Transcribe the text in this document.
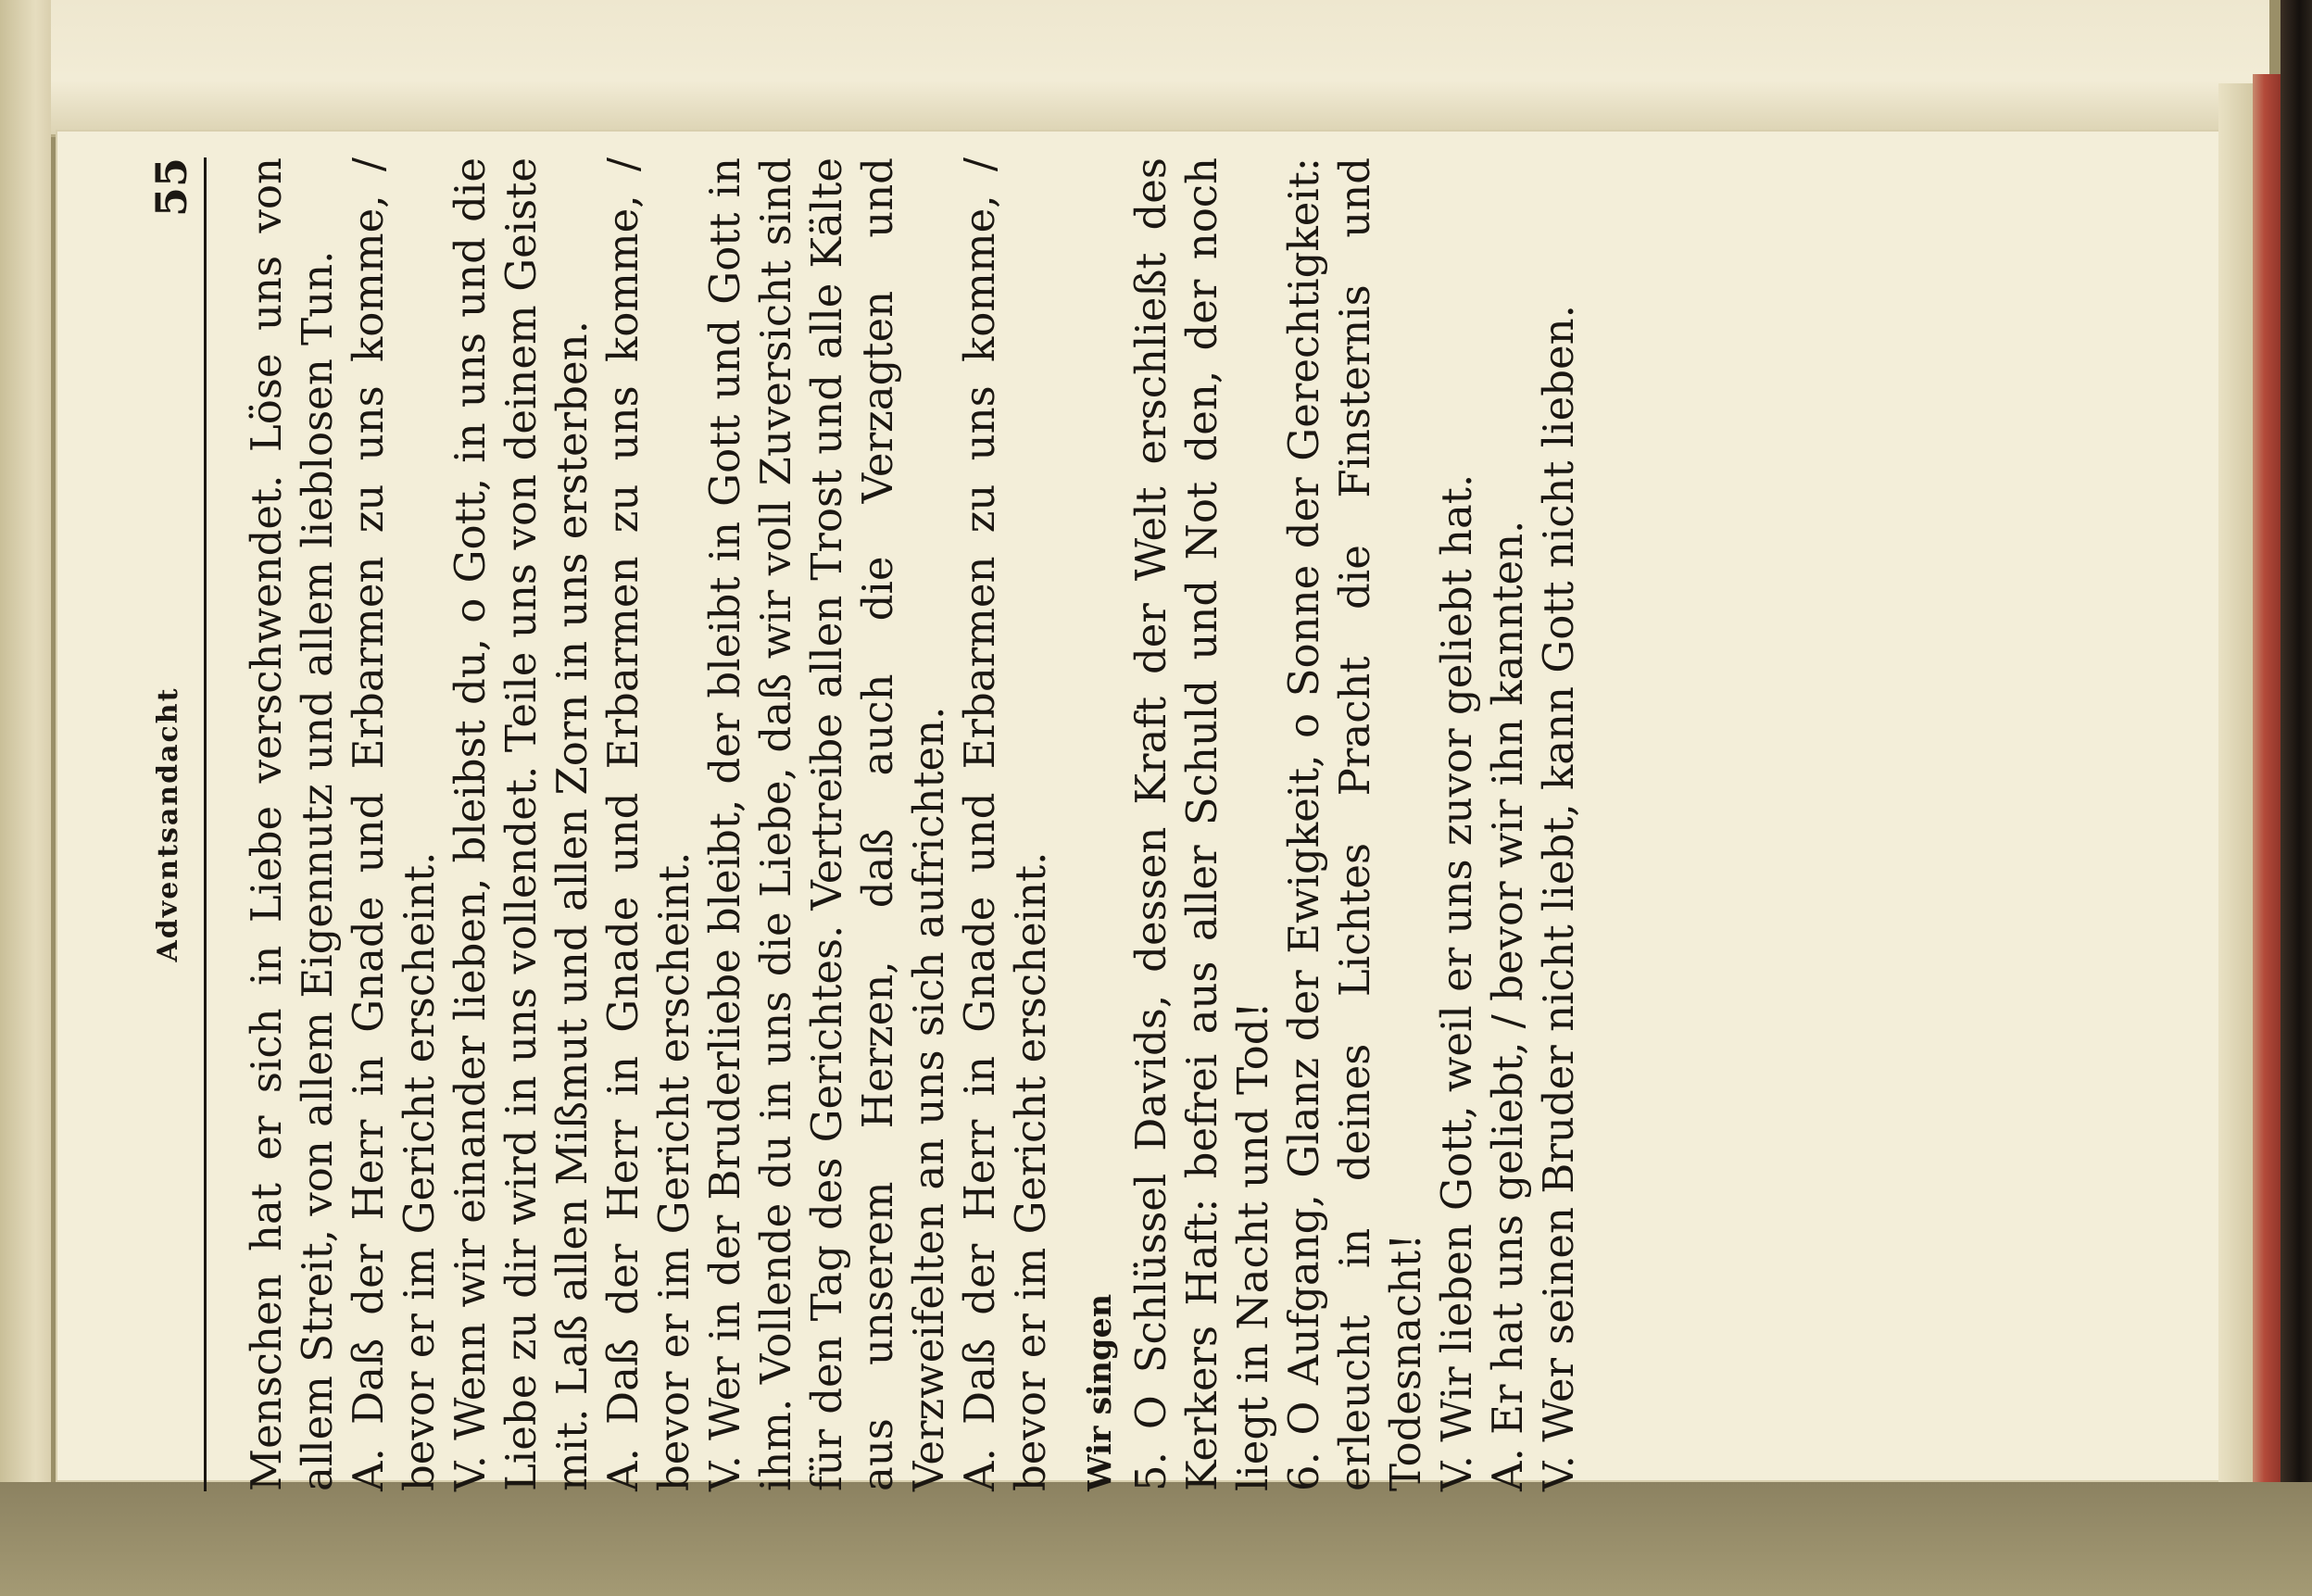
Adventsandacht
55 Menschen hat er sich in Liebe verschwendet. Löse uns von allem Streit, von allem Eigennutz und allem lieblosen Tun. A. Daß der Herr in Gnade und Erbarmen zu uns komme, / bevor er im Gericht erscheint. V. Wenn wir einander lieben, bleibst du, o Gott, in uns und die Liebe zu dir wird in uns vollendet. Teile uns von deinem Geiste mit. Laß allen Mißmut und allen Zorn in uns ersterben. A. Daß der Herr in Gnade und Erbarmen zu uns komme, / bevor er im Gericht erscheint. V. Wer in der Bruderliebe bleibt, der bleibt in Gott und Gott in ihm. Vollende du in uns die Liebe, daß wir voll Zuversicht sind für den Tag des Gerichtes. Vertreibe allen Trost und alle Kälte aus unserem Herzen, daß auch die Verzagten und Verzweifelten an uns sich aufrichten. A. Daß der Herr in Gnade und Erbarmen zu uns komme, / bevor er im Gericht erscheint. Wir singen 5. O Schlüssel Davids, dessen Kraft der Welt erschließt des Kerkers Haft: befrei aus aller Schuld und Not den, der noch liegt in Nacht und Tod! 6. O Aufgang, Glanz der Ewigkeit, o Sonne der Gerechtigkeit: erleucht in deines Lichtes Pracht die Finsternis und Todesnacht! V. Wir lieben Gott, weil er uns zuvor geliebt hat. A. Er hat uns geliebt, / bevor wir ihn kannten. V. Wer seinen Bruder nicht liebt, kann Gott nicht lieben.
